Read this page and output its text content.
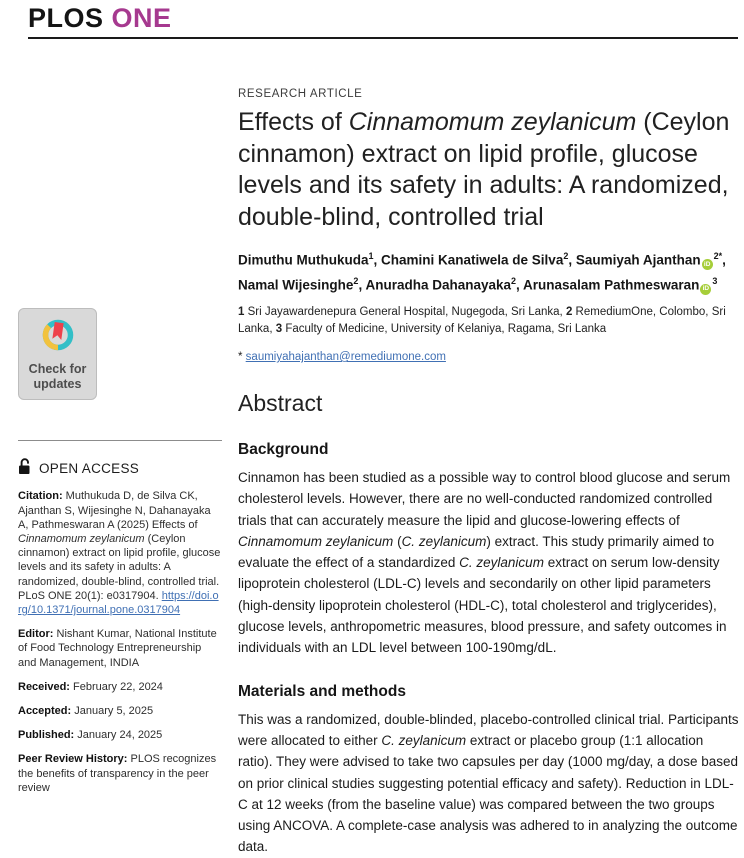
PLOS ONE
Check for
updates
OPEN ACCESS
Citation: Muthukuda D, de Silva CK, Ajanthan S, Wijesinghe N, Dahanayaka A, Pathmeswaran A (2025) Effects of Cinnamomum zeylanicum (Ceylon cinnamon) extract on lipid profile, glucose levels and its safety in adults: A randomized, double-blind, controlled trial. PLoS ONE 20(1): e0317904. https://doi.org/10.1371/journal.pone.0317904
Editor: Nishant Kumar, National Institute of Food Technology Entrepreneurship and Management, INDIA
Received: February 22, 2024
Accepted: January 5, 2025
Published: January 24, 2025
Peer Review History: PLOS recognizes the benefits of transparency in the peer review
RESEARCH ARTICLE
Effects of Cinnamomum zeylanicum (Ceylon cinnamon) extract on lipid profile, glucose levels and its safety in adults: A randomized, double-blind, controlled trial
Dimuthu Muthukuda$^1$, Chamini Kanatiwela de Silva$^2$, Saumiyah Ajanthan $iD^{2*}$,
Namal Wijesinghe$^2$, Anuradha Dahanayaka$^2$, Arunasalam Pathmeswaran $iD^3$
1 Sri Jayawardenepura General Hospital, Nugegoda, Sri Lanka, 2 RemediumOne, Colombo, Sri Lanka, 3 Faculty of Medicine, University of Kelaniya, Ragama, Sri Lanka
* saumiyahajanthan@remediumone.com
Abstract
Background

Cinnamon has been studied as a possible way to control blood glucose and serum cholesterol levels. However, there are no well-conducted randomized controlled trials that can accurately measure the lipid and glucose-lowering effects of Cinnamomum zeylanicum (C. zeylanicum) extract. This study primarily aimed to evaluate the effect of a standardized C. zeylanicum extract on serum low-density lipoprotein cholesterol (LDL-C) levels and secondarily on other lipid parameters (high-density lipoprotein cholesterol (HDL-C), total cholesterol and triglycerides), glucose levels, anthropometric measures, blood pressure, and safety outcomes in individuals with an LDL level between 100-190mg/dL.

Materials and methods

This was a randomized, double-blinded, placebo-controlled clinical trial. Participants were allocated to either C. zeylanicum extract or placebo group (1:1 allocation ratio). They were advised to take two capsules per day (1000 mg/day, a dose based on prior clinical studies suggesting potential efficacy and safety). Reduction in LDL-C at 12 weeks (from the baseline value) was compared between the two groups using ANCOVA. A complete-case analysis was adhered to in analyzing the outcome data.
